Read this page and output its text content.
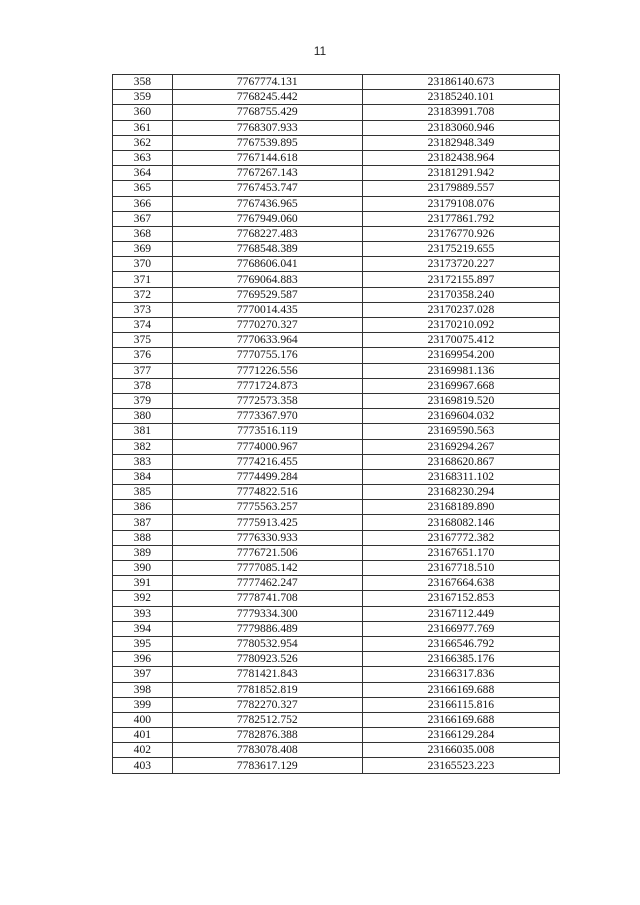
11
358	7767774.131	23186140.673
359	7768245.442	23185240.101
360	7768755.429	23183991.708
361	7768307.933	23183060.946
362	7767539.895	23182948.349
363	7767144.618	23182438.964
364	7767267.143	23181291.942
365	7767453.747	23179889.557
366	7767436.965	23179108.076
367	7767949.060	23177861.792
368	7768227.483	23176770.926
369	7768548.389	23175219.655
370	7768606.041	23173720.227
371	7769064.883	23172155.897
372	7769529.587	23170358.240
373	7770014.435	23170237.028
374	7770270.327	23170210.092
375	7770633.964	23170075.412
376	7770755.176	23169954.200
377	7771226.556	23169981.136
378	7771724.873	23169967.668
379	7772573.358	23169819.520
380	7773367.970	23169604.032
381	7773516.119	23169590.563
382	7774000.967	23169294.267
383	7774216.455	23168620.867
384	7774499.284	23168311.102
385	7774822.516	23168230.294
386	7775563.257	23168189.890
387	7775913.425	23168082.146
388	7776330.933	23167772.382
389	7776721.506	23167651.170
390	7777085.142	23167718.510
391	7777462.247	23167664.638
392	7778741.708	23167152.853
393	7779334.300	23167112.449
394	7779886.489	23166977.769
395	7780532.954	23166546.792
396	7780923.526	23166385.176
397	7781421.843	23166317.836
398	7781852.819	23166169.688
399	7782270.327	23166115.816
400	7782512.752	23166169.688
401	7782876.388	23166129.284
402	7783078.408	23166035.008
403	7783617.129	23165523.223
